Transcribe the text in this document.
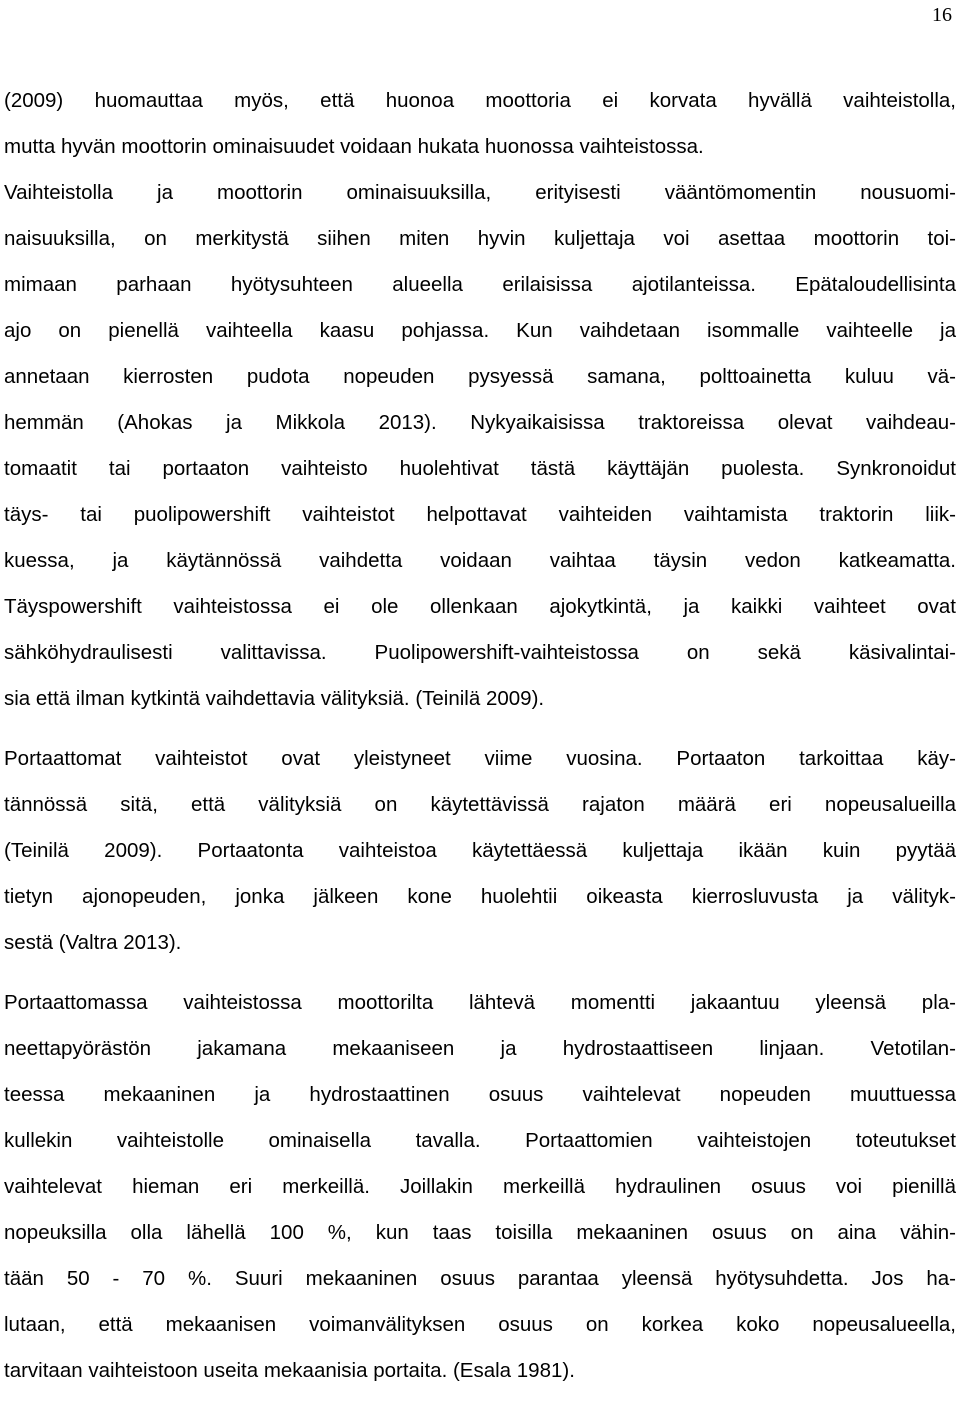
16
(2009) huomauttaa myös, että huonoa moottoria ei korvata hyvällä vaihteistolla,
mutta hyvän moottorin ominaisuudet voidaan hukata huonossa vaihteistossa.
Vaihteistolla ja moottorin ominaisuuksilla, erityisesti vääntömomentin nousuomi-
naisuuksilla, on merkitystä siihen miten hyvin kuljettaja voi asettaa moottorin toi-
mimaan parhaan hyötysuhteen alueella erilaisissa ajotilanteissa. Epätaloudellisinta
ajo on pienellä vaihteella kaasu pohjassa. Kun vaihdetaan isommalle vaihteelle ja
annetaan kierrosten pudota nopeuden pysyessä samana, polttoainetta kuluu vä-
hemmän (Ahokas ja Mikkola 2013). Nykyaikaisissa traktoreissa olevat vaihdeau-
tomaatit tai portaaton vaihteisto huolehtivat tästä käyttäjän puolesta. Synkronoidut
täys- tai puolipowershift vaihteistot helpottavat vaihteiden vaihtamista traktorin liik-
kuessa, ja käytännössä vaihdetta voidaan vaihtaa täysin vedon katkeamatta.
Täyspowershift vaihteistossa ei ole ollenkaan ajokytkintä, ja kaikki vaihteet ovat
sähköhydraulisesti valittavissa. Puolipowershift-vaihteistossa on sekä käsivalintai-
sia että ilman kytkintä vaihdettavia välityksiä. (Teinilä 2009).
Portaattomat vaihteistot ovat yleistyneet viime vuosina. Portaaton tarkoittaa käy-
tännössä sitä, että välityksiä on käytettävissä rajaton määrä eri nopeusalueilla
(Teinilä 2009). Portaatonta vaihteistoa käytettäessä kuljettaja ikään kuin pyytää
tietyn ajonopeuden, jonka jälkeen kone huolehtii oikeasta kierrosluvusta ja välityk-
sestä (Valtra 2013).
Portaattomassa vaihteistossa moottorilta lähtevä momentti jakaantuu yleensä pla-
neettapyörästön jakamana mekaaniseen ja hydrostaattiseen linjaan. Vetotilan-
teessa mekaaninen ja hydrostaattinen osuus vaihtelevat nopeuden muuttuessa
kullekin vaihteistolle ominaisella tavalla. Portaattomien vaihteistojen toteutukset
vaihtelevat hieman eri merkeillä. Joillakin merkeillä hydraulinen osuus voi pienillä
nopeuksilla olla lähellä 100 %, kun taas toisilla mekaaninen osuus on aina vähin-
tään 50 - 70 %. Suuri mekaaninen osuus parantaa yleensä hyötysuhdetta. Jos ha-
lutaan, että mekaanisen voimanvälityksen osuus on korkea koko nopeusalueella,
tarvitaan vaihteistoon useita mekaanisia portaita. (Esala 1981).
